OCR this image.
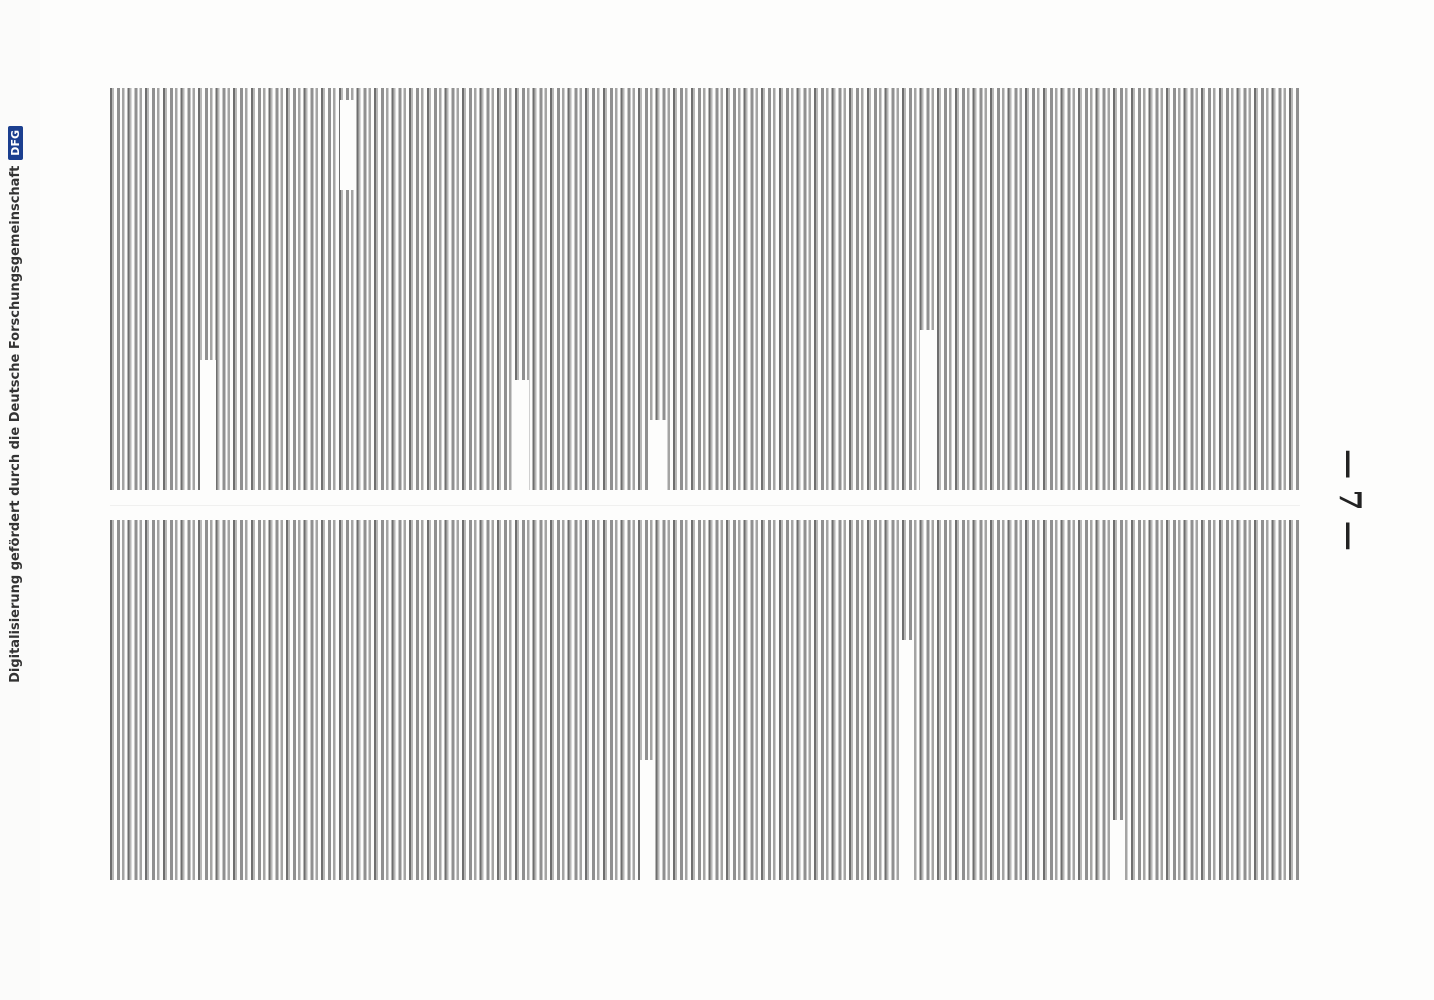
— 7 —
Digitalisierung gefördert durch die Deutsche Forschungsgemeinschaft
DFG
